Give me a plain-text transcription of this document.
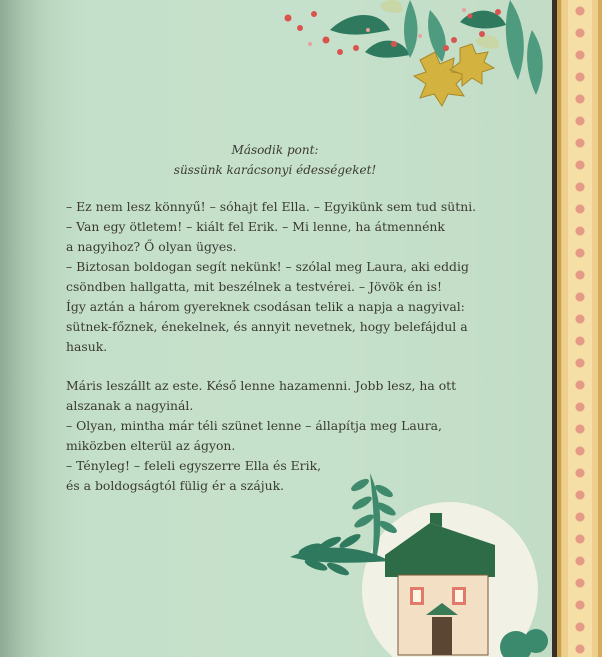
Második pont:
süssünk karácsonyi édességeket!
– Ez nem lesz könnyű! – sóhajt fel Ella. – Egyikünk sem tud sütni.
– Van egy ötletem! – kiált fel Erik. – Mi lenne, ha átmennénk
a nagyihoz? Ő olyan ügyes.
– Biztosan boldogan segít nekünk! – szólal meg Laura, aki eddig
csöndben hallgatta, mit beszélnek a testvérei. – Jövök én is!
Így aztán a három gyereknek csodásan telik a napja a nagyival:
sütnek-főznek, énekelnek, és annyit nevetnek, hogy belefájdul a
hasuk.
Máris leszállt az este. Késő lenne hazamenni. Jobb lesz, ha ott
alszanak a nagyinál.
– Olyan, mintha már téli szünet lenne – állapítja meg Laura,
miközben elterül az ágyon.
– Tényleg! – feleli egyszerre Ella és Erik,
és a boldogságtól fülig ér a szájuk.
